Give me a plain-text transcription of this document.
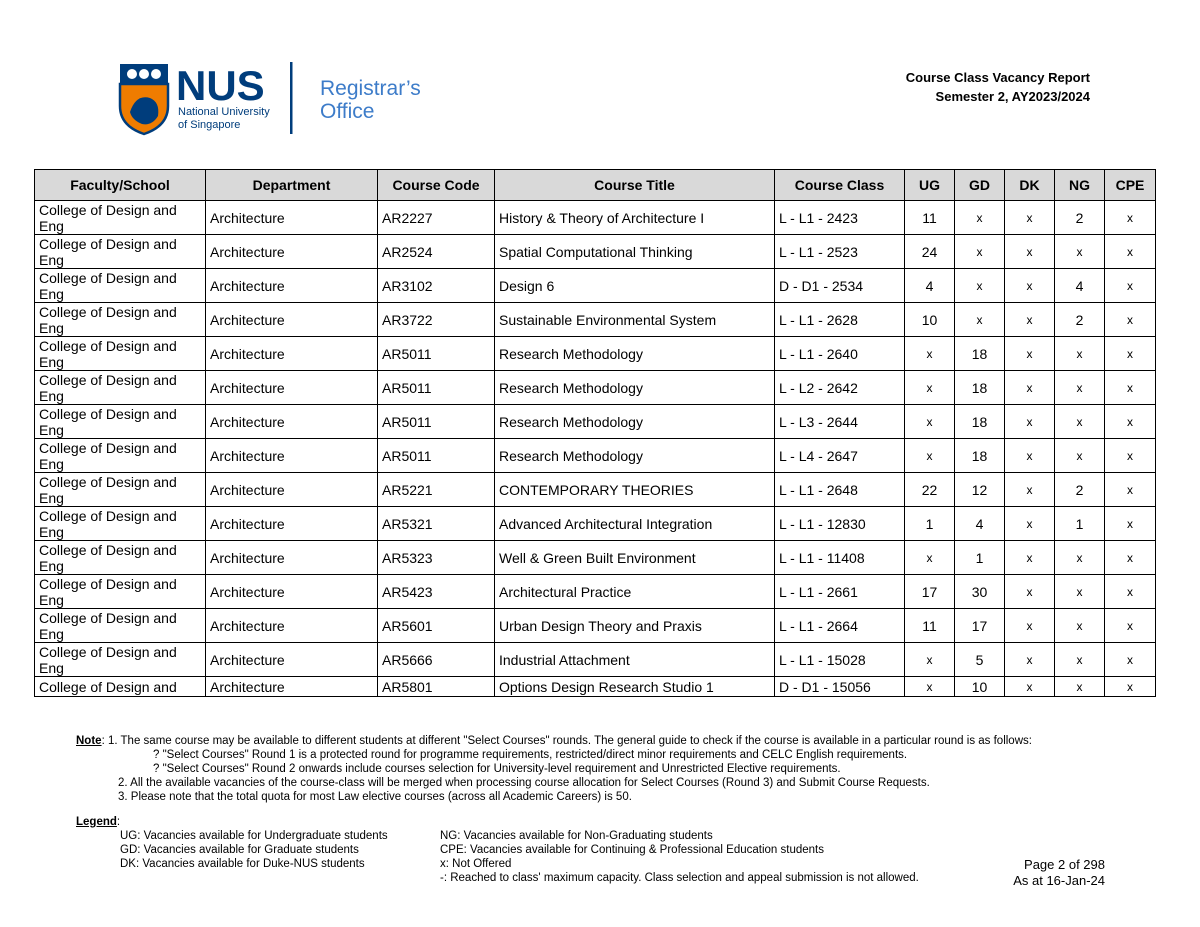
NUS
National University
of Singapore
Registrar’s
Office
Course Class Vacancy Report
Semester 2, AY2023/2024
Faculty/School	Department	Course Code	Course Title	Course Class	UG	GD	DK	NG	CPE
College of Design and Eng	Architecture	AR2227	History & Theory of Architecture I	L - L1 - 2423	11	x	x	2	x
College of Design and Eng	Architecture	AR2524	Spatial Computational Thinking	L - L1 - 2523	24	x	x	x	x
College of Design and Eng	Architecture	AR3102	Design 6	D - D1 - 2534	4	x	x	4	x
College of Design and Eng	Architecture	AR3722	Sustainable Environmental System	L - L1 - 2628	10	x	x	2	x
College of Design and Eng	Architecture	AR5011	Research Methodology	L - L1 - 2640	x	18	x	x	x
College of Design and Eng	Architecture	AR5011	Research Methodology	L - L2 - 2642	x	18	x	x	x
College of Design and Eng	Architecture	AR5011	Research Methodology	L - L3 - 2644	x	18	x	x	x
College of Design and Eng	Architecture	AR5011	Research Methodology	L - L4 - 2647	x	18	x	x	x
College of Design and Eng	Architecture	AR5221	CONTEMPORARY THEORIES	L - L1 - 2648	22	12	x	2	x
College of Design and Eng	Architecture	AR5321	Advanced Architectural Integration	L - L1 - 12830	1	4	x	1	x
College of Design and Eng	Architecture	AR5323	Well & Green Built Environment	L - L1 - 11408	x	1	x	x	x
College of Design and Eng	Architecture	AR5423	Architectural Practice	L - L1 - 2661	17	30	x	x	x
College of Design and Eng	Architecture	AR5601	Urban Design Theory and Praxis	L - L1 - 2664	11	17	x	x	x
College of Design and Eng	Architecture	AR5666	Industrial Attachment	L - L1 - 15028	x	5	x	x	x
College of Design and	Architecture	AR5801	Options Design Research Studio 1	D - D1 - 15056	x	10	x	x	x
Note: 1. The same course may be available to different students at different "Select Courses" rounds. The general guide to check if the course is available in a particular round is as follows:
? "Select Courses" Round 1 is a protected round for programme requirements, restricted/direct minor requirements and CELC English requirements.
? "Select Courses" Round 2 onwards include courses selection for University-level requirement and Unrestricted Elective requirements.
2. All the available vacancies of the course-class will be merged when processing course allocation for Select Courses (Round 3) and Submit Course Requests.
3. Please note that the total quota for most Law elective courses (across all Academic Careers) is 50.
Legend:
UG: Vacancies available for Undergraduate students	NG: Vacancies available for Non-Graduating students
GD: Vacancies available for Graduate students	CPE: Vacancies available for Continuing & Professional Education students
DK: Vacancies available for Duke-NUS students	x: Not Offered
-: Reached to class' maximum capacity. Class selection and appeal submission is not allowed.
Page 2 of 298
As at 16-Jan-24
